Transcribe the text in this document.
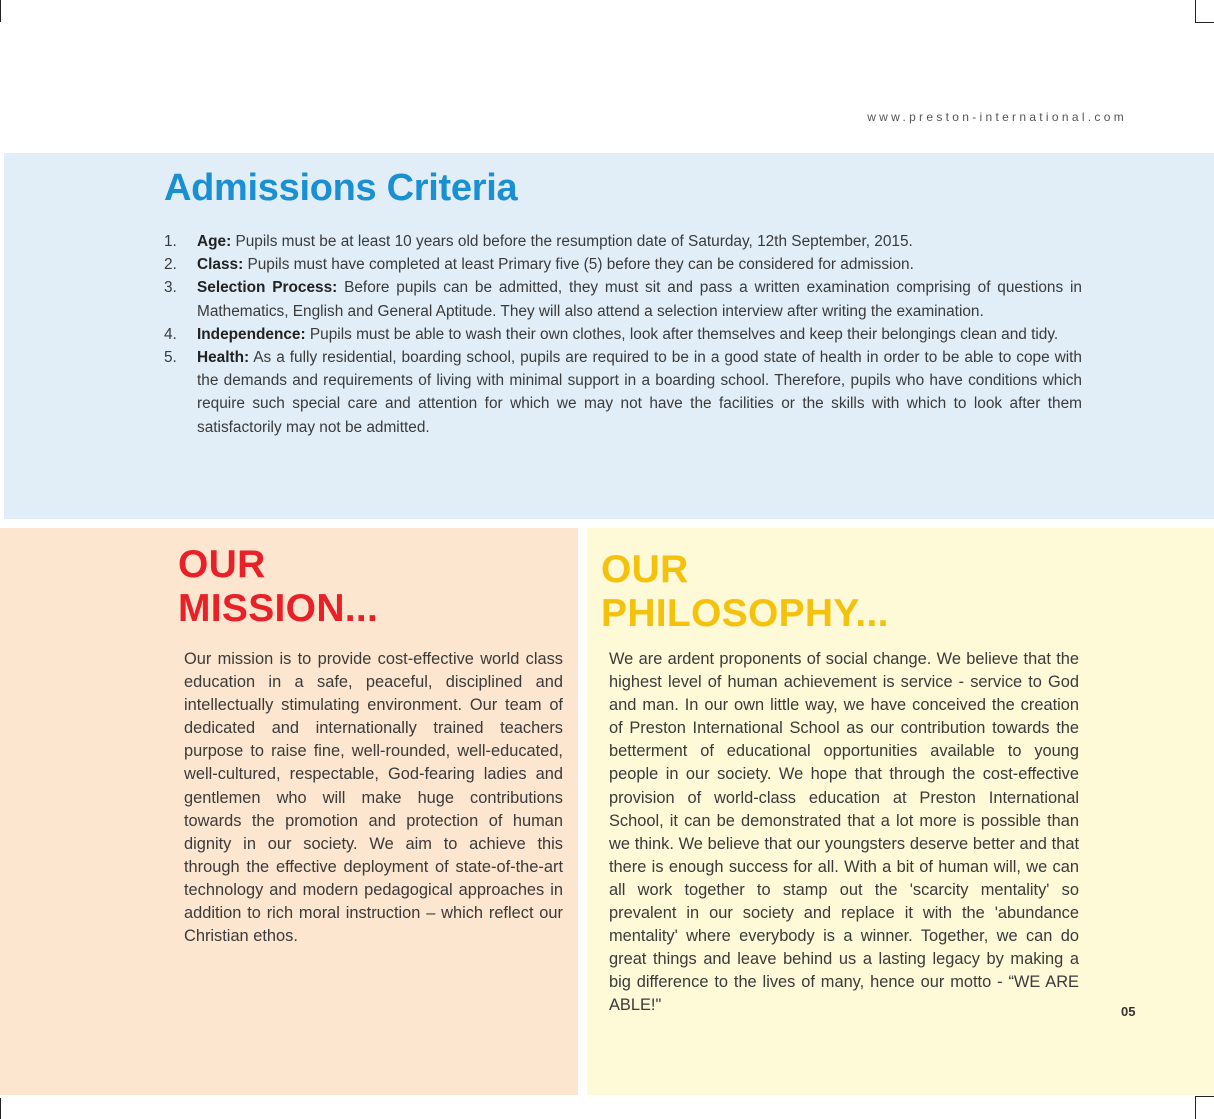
www.preston-international.com
Admissions Criteria
1. Age: Pupils must be at least 10 years old before the resumption date of Saturday, 12th September, 2015.
2. Class: Pupils must have completed at least Primary five (5) before they can be considered for admission.
3. Selection Process: Before pupils can be admitted, they must sit and pass a written examination comprising of questions in Mathematics, English and General Aptitude. They will also attend a selection interview after writing the examination.
4. Independence: Pupils must be able to wash their own clothes, look after themselves and keep their belongings clean and tidy.
5. Health: As a fully residential, boarding school, pupils are required to be in a good state of health in order to be able to cope with the demands and requirements of living with minimal support in a boarding school. Therefore, pupils who have conditions which require such special care and attention for which we may not have the facilities or the skills with which to look after them satisfactorily may not be admitted.
OUR
MISSION...

Our mission is to provide cost-effective world class education in a safe, peaceful, disciplined and intellectually stimulating environment. Our team of dedicated and internationally trained teachers purpose to raise fine, well-rounded, well-educated, well-cultured, respectable, God-fearing ladies and gentlemen who will make huge contributions towards the promotion and protection of human dignity in our society. We aim to achieve this through the effective deployment of state-of-the-art technology and modern pedagogical approaches in addition to rich moral instruction – which reflect our Christian ethos.

OUR
PHILOSOPHY...

We are ardent proponents of social change. We believe that the highest level of human achievement is service - service to God and man. In our own little way, we have conceived the creation of Preston International School as our contribution towards the betterment of educational opportunities available to young people in our society. We hope that through the cost-effective provision of world-class education at Preston International School, it can be demonstrated that a lot more is possible than we think. We believe that our youngsters deserve better and that there is enough success for all. With a bit of human will, we can all work together to stamp out the 'scarcity mentality' so prevalent in our society and replace it with the 'abundance mentality' where everybody is a winner. Together, we can do great things and leave behind us a lasting legacy by making a big difference to the lives of many, hence our motto - “WE ARE ABLE!"	05
